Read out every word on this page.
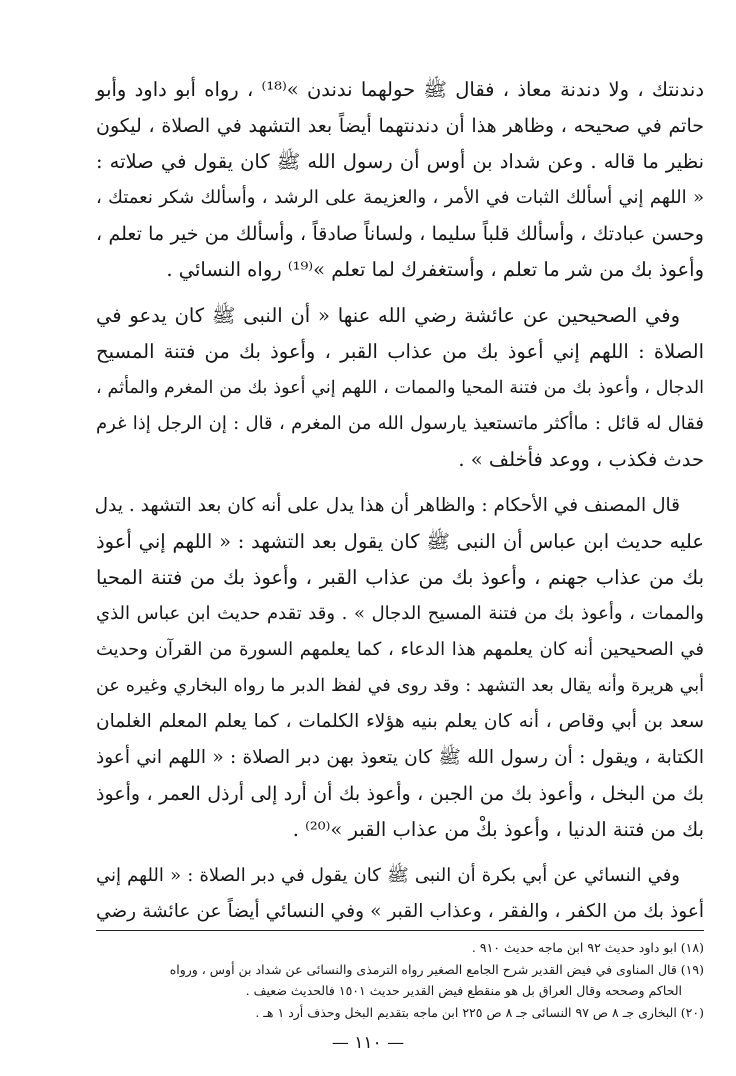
دندنتك ، ولا دندنة معاذ ، فقال ﷺ حولهما ندندن »⁽¹⁸⁾ ، رواه أبو داود وأبو
حاتم في صحيحه ، وظاهر هذا أن دندنتهما أيضاً بعد التشهد في الصلاة ، ليكون
نظير ما قاله . وعن شداد بن أوس أن رسول الله ﷺ كان يقول في صلاته :
« اللهم إني أسألك الثبات في الأمر ، والعزيمة على الرشد ، وأسألك شكر نعمتك ،
وحسن عبادتك ، وأسألك قلباً سليما ، ولساناً صادقاً ، وأسألك من خير ما تعلم ،
وأعوذ بك من شر ما تعلم ، وأستغفرك لما تعلم »⁽¹⁹⁾ رواه النسائي .
وفي الصحيحين عن عائشة رضي الله عنها « أن النبى ﷺ كان يدعو في
الصلاة : اللهم إني أعوذ بك من عذاب القبر ، وأعوذ بك من فتنة المسيح
الدجال ، وأعوذ بك من فتنة المحيا والممات ، اللهم إني أعوذ بك من المغرم والمأثم ،
فقال له قائل : ماأكثر ماتستعيذ يارسول الله من المغرم ، قال : إن الرجل إذا غرم
حدث فكذب ، ووعد فأخلف » .
قال المصنف في الأحكام : والظاهر أن هذا يدل على أنه كان بعد التشهد . يدل
عليه حديث ابن عباس أن النبى ﷺ كان يقول بعد التشهد : « اللهم إني أعوذ
بك من عذاب جهنم ، وأعوذ بك من عذاب القبر ، وأعوذ بك من فتنة المحيا
والممات ، وأعوذ بك من فتنة المسيح الدجال » . وقد تقدم حديث ابن عباس الذي
في الصحيحين أنه كان يعلمهم هذا الدعاء ، كما يعلمهم السورة من القرآن وحديث
أبي هريرة وأنه يقال بعد التشهد : وقد روى في لفظ الدبر ما رواه البخاري وغيره عن
سعد بن أبي وقاص ، أنه كان يعلم بنيه هؤلاء الكلمات ، كما يعلم المعلم الغلمان
الكتابة ، ويقول : أن رسول الله ﷺ كان يتعوذ بهن دبر الصلاة : « اللهم اني أعوذ
بك من البخل ، وأعوذ بك من الجبن ، وأعوذ بك أن أرد إلى أرذل العمر ، وأعوذ
بك من فتنة الدنيا ، وأعوذ بكْ من عذاب القبر »⁽²⁰⁾ .
وفي النسائي عن أبي بكرة أن النبى ﷺ كان يقول في دبر الصلاة : « اللهم إني
أعوذ بك من الكفر ، والفقر ، وعذاب القبر » وفي النسائي أيضاً عن عائشة رضي
(١٨) ابو داود حديث ٩٢ ابن ماجه حديث ٩١٠ .
(١٩) قال المناوى في فيض القدير شرح الجامع الصغير رواه الترمذى والنسائى عن شداد بن أوس ، ورواه
الحاكم وصححه وقال العراق بل هو منقطع فيض القدير حديث ١٥٠١ فالحديث ضعيف .
(٢٠) البخارى جـ ٨ ص ٩٧ النسائى جـ ٨ ص ٢٢٥ ابن ماجه بتقديم البخل وحذف أرد ١ هـ .
— ١١٠ —
